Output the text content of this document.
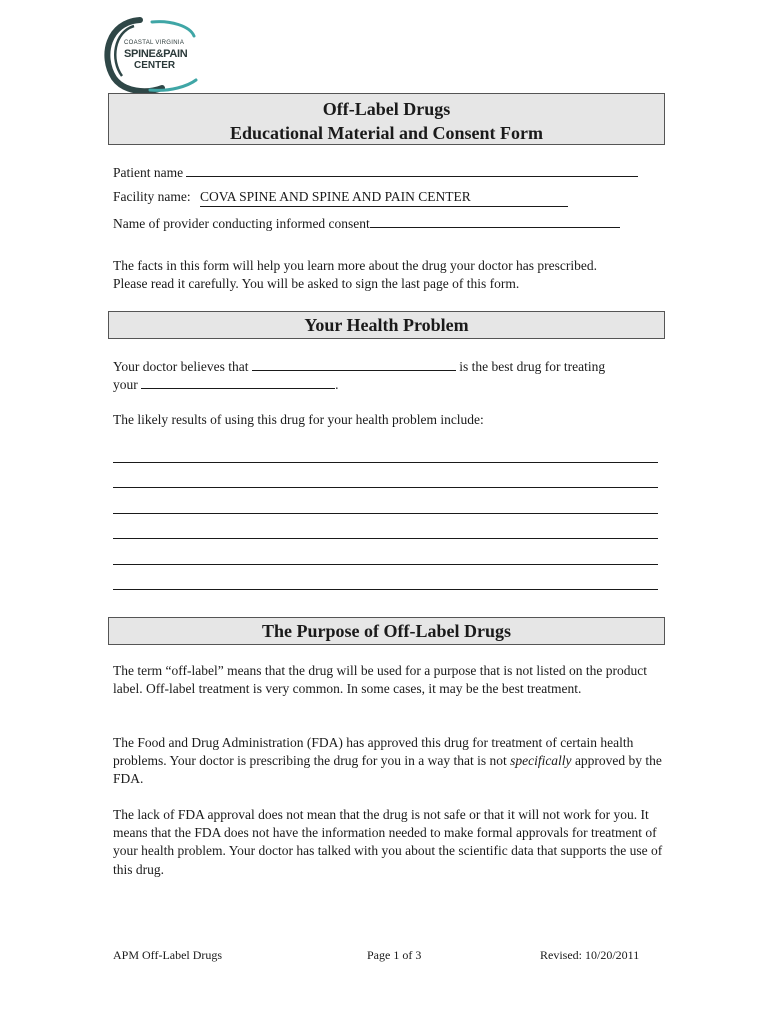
COASTAL VIRGINIA
SPINE&PAIN
CENTER
Off-Label Drugs
Educational Material and Consent Form
Patient name
Facility name: COVA SPINE AND SPINE AND PAIN CENTER
Name of provider conducting informed consent
The facts in this form will help you learn more about the drug your doctor has prescribed.
Please read it carefully. You will be asked to sign the last page of this form.
Your Health Problem
Your doctor believes that	is the best drug for treating
your	.
The likely results of using this drug for your health problem include:
The Purpose of Off-Label Drugs
The term “off-label” means that the drug will be used for a purpose that is not listed on the product label. Off-label treatment is very common. In some cases, it may be the best treatment.
The Food and Drug Administration (FDA) has approved this drug for treatment of certain health problems. Your doctor is prescribing the drug for you in a way that is not specifically approved by the FDA.
The lack of FDA approval does not mean that the drug is not safe or that it will not work for you. It means that the FDA does not have the information needed to make formal approvals for treatment of your health problem. Your doctor has talked with you about the scientific data that supports the use of this drug.
APM Off-Label Drugs	Page 1 of 3	Revised: 10/20/2011
